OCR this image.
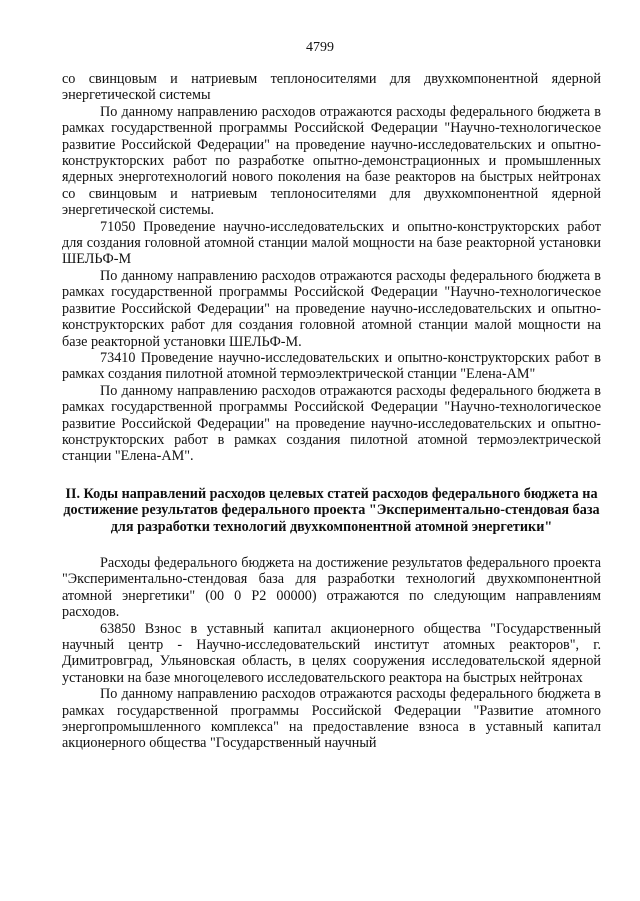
4799

со свинцовым и натриевым теплоносителями для двухкомпонентной ядерной энергетической системы

По данному направлению расходов отражаются расходы федерального бюджета в рамках государственной программы Российской Федерации "Научно-технологическое развитие Российской Федерации" на проведение научно-исследовательских и опытно-конструкторских работ по разработке опытно-демонстрационных и промышленных ядерных энерготехнологий нового поколения на базе реакторов на быстрых нейтронах со свинцовым и натриевым теплоносителями для двухкомпонентной ядерной энергетической системы.

71050 Проведение научно-исследовательских и опытно-конструкторских работ для создания головной атомной станции малой мощности на базе реакторной установки ШЕЛЬФ-М

По данному направлению расходов отражаются расходы федерального бюджета в рамках государственной программы Российской Федерации "Научно-технологическое развитие Российской Федерации" на проведение научно-исследовательских и опытно-конструкторских работ для создания головной атомной станции малой мощности на базе реакторной установки ШЕЛЬФ-М.

73410 Проведение научно-исследовательских и опытно-конструкторских работ в рамках создания пилотной атомной термоэлектрической станции "Елена-АМ"

По данному направлению расходов отражаются расходы федерального бюджета в рамках государственной программы Российской Федерации "Научно-технологическое развитие Российской Федерации" на проведение научно-исследовательских и опытно-конструкторских работ в рамках создания пилотной атомной термоэлектрической станции "Елена-АМ".

II. Коды направлений расходов целевых статей расходов федерального бюджета на достижение результатов федерального проекта "Экспериментально-стендовая база для разработки технологий двухкомпонентной атомной энергетики"

Расходы федерального бюджета на достижение результатов федерального проекта "Экспериментально-стендовая база для разработки технологий двухкомпонентной атомной энергетики" (00 0 Р2 00000) отражаются по следующим направлениям расходов.

63850 Взнос в уставный капитал акционерного общества "Государственный научный центр - Научно-исследовательский институт атомных реакторов", г. Димитровград, Ульяновская область, в целях сооружения исследовательской ядерной установки на базе многоцелевого исследовательского реактора на быстрых нейтронах

По данному направлению расходов отражаются расходы федерального бюджета в рамках государственной программы Российской Федерации "Развитие атомного энергопромышленного комплекса" на предоставление взноса в уставный капитал акционерного общества "Государственный научный
